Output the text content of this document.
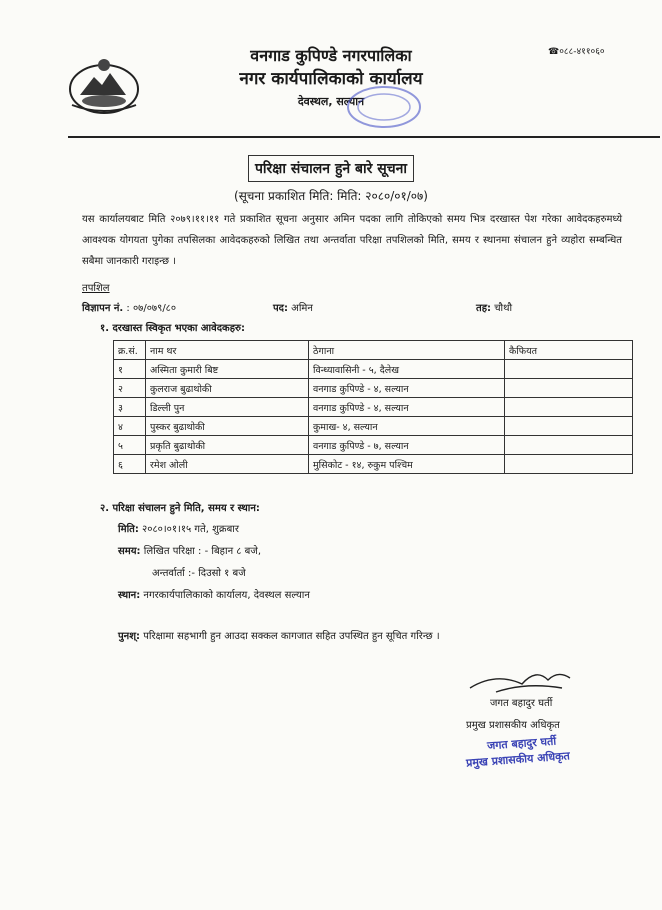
वनगाड कुपिण्डे नगरपालिका
नगर कार्यपालिकाको कार्यालय
देवस्थल, सल्यान
☎०८८-४११०६०
परिक्षा संचालन हुने बारे सूचना
(सूचना प्रकाशित मिति: मिति: २०८०/०१/०७)
यस कार्यालयबाट मिति २०७९।११।११ गते प्रकाशित सूचना अनुसार अमिन पदका लागि तोकिएको समय भित्र दरखास्त पेश गरेका आवेदकहरुमध्ये आवश्यक योगयता पुगेका तपसिलका आवेदकहरुको लिखित तथा अन्तर्वाता परिक्षा तपशिलको मिति, समय र स्थानमा संचालन हुने व्यहोरा सम्बन्धित सबैमा जानकारी गराइन्छ ।
तपशिल
विज्ञापन नं. : ०७/०७९/८०	पद: अमिन	तह: चौथौ
१. दरखास्त स्विकृत भएका आवेदकहरु:
क्र.सं.	नाम थर	ठेगाना	कैफियत
१	अस्मिता कुमारी बिष्ट	विन्ध्यावासिनी - ५, दैलेख	
२	कुलराज बुढाथोकी	वनगाड कुपिण्डे - ४, सल्यान	
३	डिल्ली पुन	वनगाड कुपिण्डे - ४, सल्यान	
४	पुस्कर बुढाथोकी	कुमाख- ४, सल्यान	
५	प्रकृति बुढाथोकी	वनगाड कुपिण्डे - ७, सल्यान	
६	रमेश ओली	मुसिकोट - १४, रुकुम पश्चिम	
२. परिक्षा संचालन हुने मिति, समय र स्थान:
मिति: २०८०।०१।१५ गते, शुक्रबार
समय: लिखित परिक्षा : - बिहान ८ बजे,
अन्तर्वार्ता :- दिउसो १ बजे
स्थान: नगरकार्यपालिकाको कार्यालय, देवस्थल सल्यान
पुनश्: परिक्षामा सहभागी हुन आउदा सक्कल कागजात सहित उपस्थित हुन सूचित गरिन्छ ।
जगत बहादुर घर्ती
प्रमुख प्रशासकीय अधिकृत
जगत बहादुर घर्ती
प्रमुख प्रशासकीय अधिकृत
